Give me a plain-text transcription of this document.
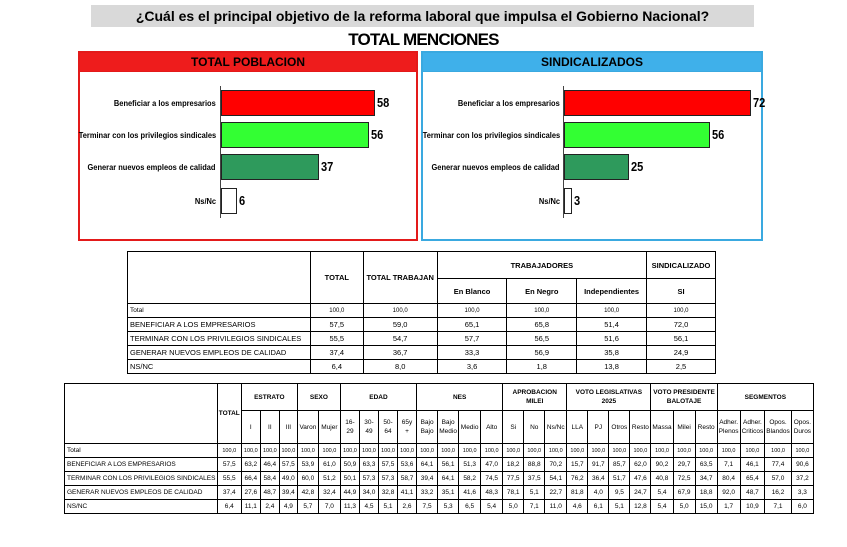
¿Cuál es el principal objetivo de la reforma laboral que impulsa el Gobierno Nacional?
TOTAL MENCIONES
TOTAL POBLACION	SINDICALIZADOS
	TOTAL	TOTAL TRABAJAN	TRABAJADORES			SINDICALIZADO
			En Blanco	En Negro	Independientes	SI
Total	100,0	100,0	100,0	100,0	100,0	100,0
BENEFICIAR A LOS EMPRESARIOS	57,5	59,0	65,1	65,8	51,4	72,0
TERMINAR CON LOS PRIVILEGIOS SINDICALES	55,5	54,7	57,7	56,5	51,6	56,1
GENERAR NUEVOS EMPLEOS DE CALIDAD	37,4	36,7	33,3	56,9	35,8	24,9
NS/NC	6,4	8,0	3,6	1,8	13,8	2,5
	TOTAL	ESTRATO			SEXO		EDAD				NES				APROBACION MILEI			VOTO LEGISLATIVAS 2025				VOTO PRESIDENTE BALOTAJE			SEGMENTOS			
		I	II	III	Varon	Mujer	16-29	30-49	50-64	65y +	Bajo Bajo	Bajo Medio	Medio	Alto	Si	No	Ns/Nc	LLA	PJ	Otros	Resto	Massa	Milei	Resto	Adher. Plenos	Adher. Criticos	Opos. Blandos	Opos. Duros
Total	100,0	100,0	100,0	100,0	100,0	100,0	100,0	100,0	100,0	100,0	100,0	100,0	100,0	100,0	100,0	100,0	100,0	100,0	100,0	100,0	100,0	100,0	100,0	100,0	100,0	100,0	100,0	100,0
BENEFICIAR A LOS EMPRESARIOS	57,5	63,2	46,4	57,5	53,9	61,0	50,9	63,3	57,5	53,6	64,1	56,1	51,3	47,0	18,2	88,8	70,2	15,7	91,7	85,7	62,0	90,2	29,7	63,5	7,1	46,1	77,4	90,6
TERMINAR CON LOS PRIVILEGIOS SINDICALES	55,5	66,4	58,4	49,0	60,0	51,2	50,1	57,3	57,3	58,7	39,4	64,1	58,2	74,5	77,5	37,5	54,1	76,2	36,4	51,7	47,6	40,8	72,5	34,7	80,4	65,4	57,0	37,2
GENERAR NUEVOS EMPLEOS DE CALIDAD	37,4	27,6	48,7	39,4	42,8	32,4	44,9	34,0	32,8	41,1	33,2	35,1	41,6	48,3	78,1	5,1	22,7	81,8	4,0	9,5	24,7	5,4	67,9	18,8	92,0	48,7	16,2	3,3
NS/NC	6,4	11,1	2,4	4,9	5,7	7,0	11,3	4,5	5,1	2,6	7,5	5,3	6,5	5,4	5,0	7,1	11,0	4,6	6,1	5,1	12,8	5,4	5,0	15,0	1,7	10,9	7,1	6,0
Beneficiar a los empresarios	58
Terminar con los privilegios sindicales	56
Generar nuevos empleos de calidad	37
Ns/Nc 6
Beneficiar a los empresarios	72
Terminar con los privilegios sindicales	56
Generar nuevos empleos de calidad	25
Ns/Nc 3
